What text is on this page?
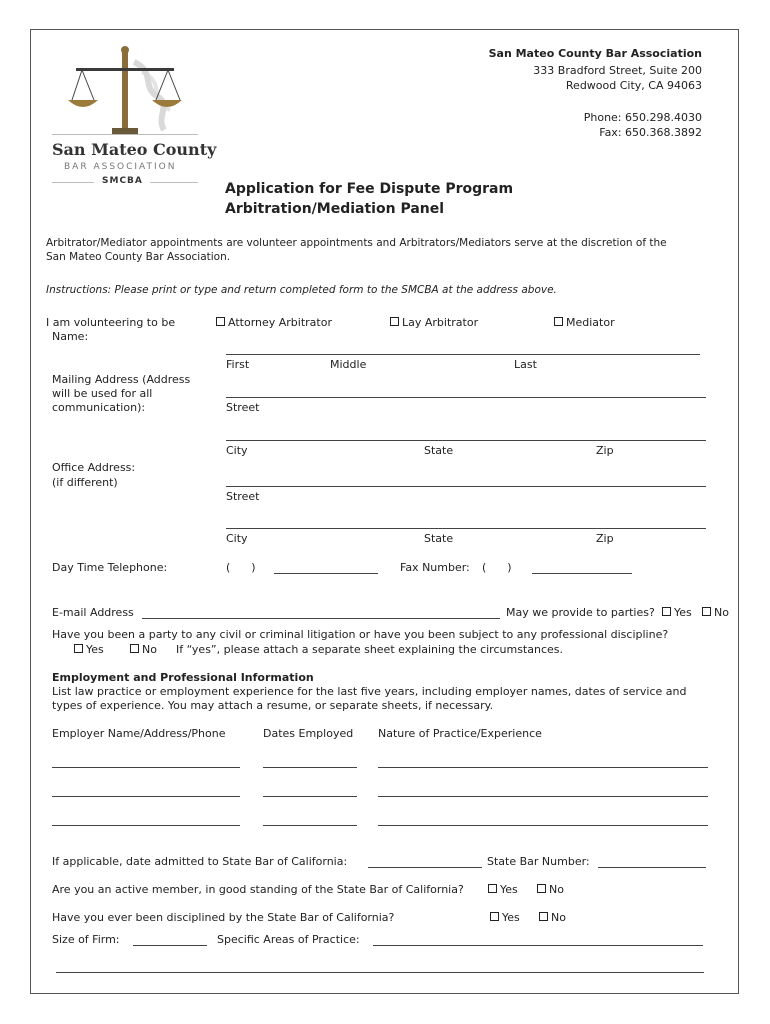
San Mateo County
BAR ASSOCIATION
SMCBA
San Mateo County Bar Association
333 Bradford Street, Suite 200
Redwood City, CA 94063
Phone: 650.298.4030
Fax: 650.368.3892
Application for Fee Dispute Program
Arbitration/Mediation Panel
Arbitrator/Mediator appointments are volunteer appointments and Arbitrators/Mediators serve at the discretion of the
San Mateo County Bar Association.
Instructions: Please print or type and return completed form to the SMCBA at the address above.
I am volunteering to be	Attorney Arbitrator	Lay Arbitrator	Mediator
Name:
First	Middle	Last
Mailing Address (Address
will be used for all
communication):	Street
City	State	Zip
Office Address:
(if different)
Street
City	State	Zip
Day Time Telephone:	(      )	Fax Number: (      )
E-mail Address	May we provide to parties?	Yes	No
Have you been a party to any civil or criminal litigation or have you been subject to any professional discipline?
Yes	No If “yes”, please attach a separate sheet explaining the circumstances.
Employment and Professional Information
List law practice or employment experience for the last five years, including employer names, dates of service and
types of experience. You may attach a resume, or separate sheets, if necessary.
Employer Name/Address/Phone	Dates Employed Nature of Practice/Experience
If applicable, date admitted to State Bar of California:	State Bar Number:
Are you an active member, in good standing of the State Bar of California?	Yes	No
Have you ever been disciplined by the State Bar of California?	Yes	No
Size of Firm:	Specific Areas of Practice:
